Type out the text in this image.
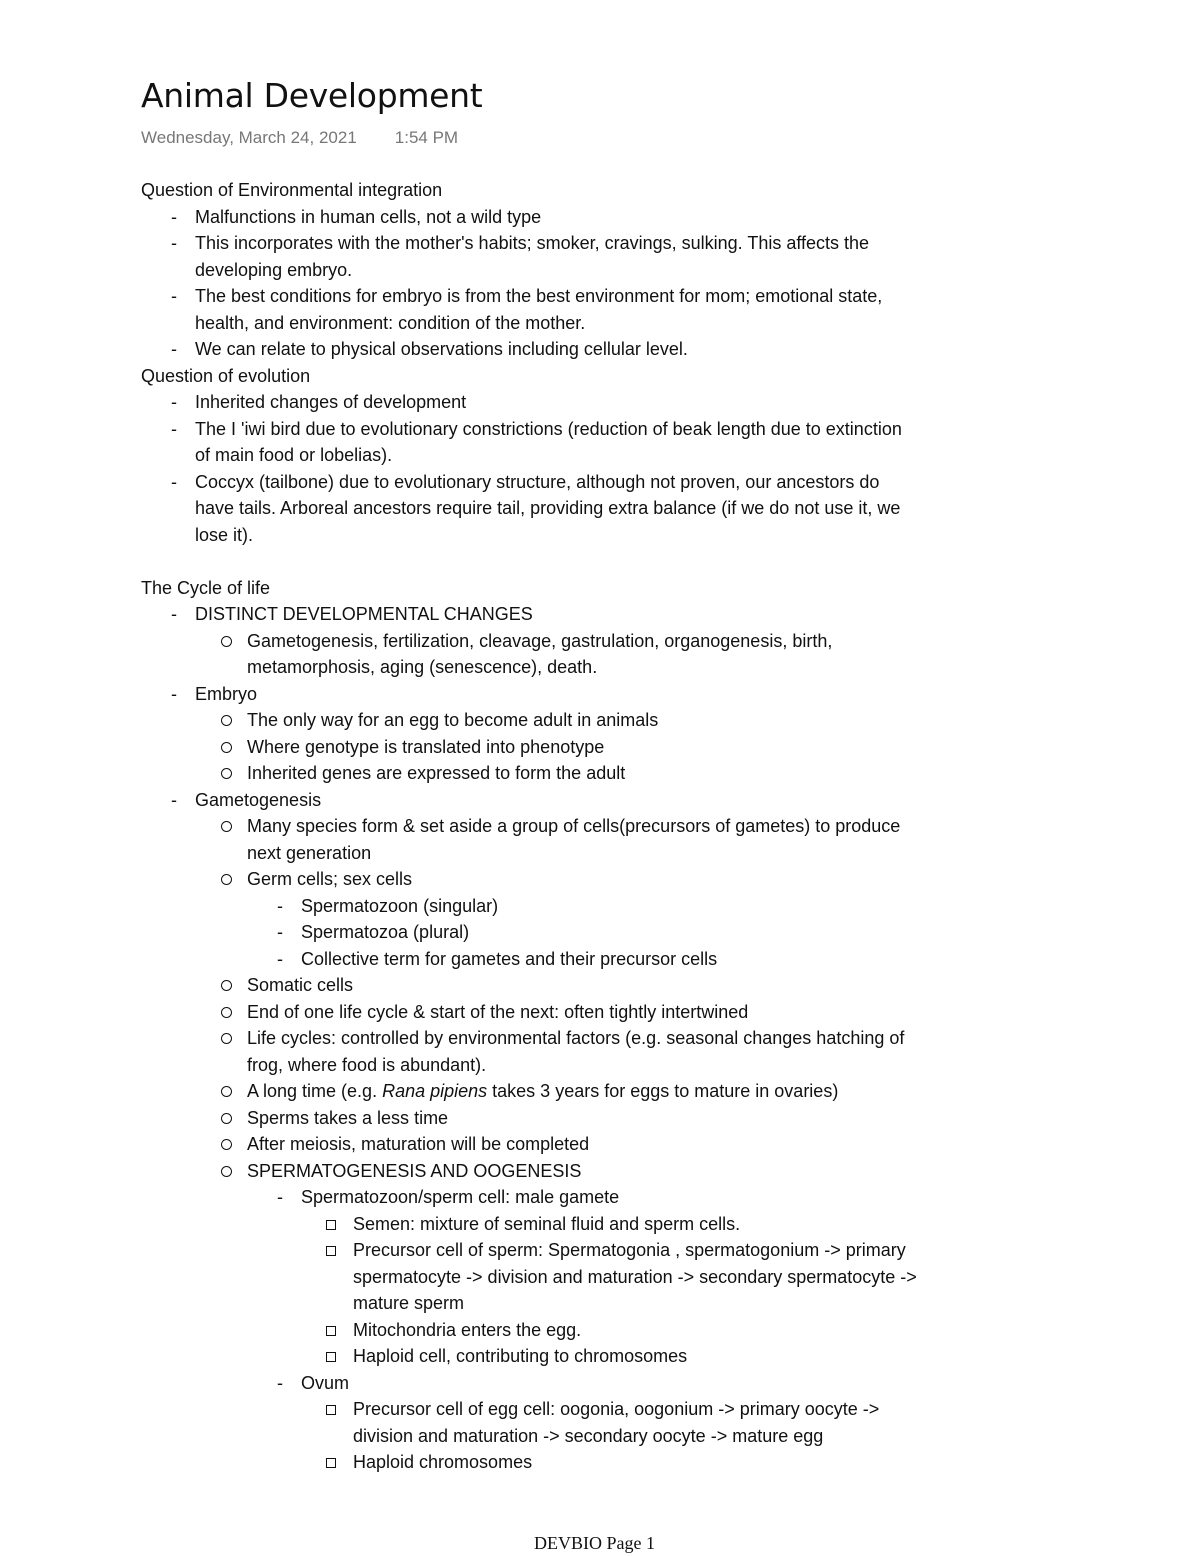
Animal Development
Wednesday, March 24, 2021 1:54 PM
Question of Environmental integration
- Malfunctions in human cells, not a wild type
- This incorporates with the mother's habits; smoker, cravings, sulking. This affects the
developing embryo.
- The best conditions for embryo is from the best environment for mom; emotional state,
health, and environment: condition of the mother.
- We can relate to physical observations including cellular level.
Question of evolution
- Inherited changes of development
- The I 'iwi bird due to evolutionary constrictions (reduction of beak length due to extinction
of main food or lobelias).
- Coccyx (tailbone) due to evolutionary structure, although not proven, our ancestors do
have tails. Arboreal ancestors require tail, providing extra balance (if we do not use it, we
lose it).
The Cycle of life
- DISTINCT DEVELOPMENTAL CHANGES
Gametogenesis, fertilization, cleavage, gastrulation, organogenesis, birth,
metamorphosis, aging (senescence), death.
- Embryo
The only way for an egg to become adult in animals
Where genotype is translated into phenotype
Inherited genes are expressed to form the adult
- Gametogenesis
Many species form & set aside a group of cells(precursors of gametes) to produce
next generation
Germ cells; sex cells
- Spermatozoon (singular)
- Spermatozoa (plural)
- Collective term for gametes and their precursor cells
Somatic cells
End of one life cycle & start of the next: often tightly intertwined
Life cycles: controlled by environmental factors (e.g. seasonal changes hatching of
frog, where food is abundant).
A long time (e.g. Rana pipiens takes 3 years for eggs to mature in ovaries)
Sperms takes a less time
After meiosis, maturation will be completed
SPERMATOGENESIS AND OOGENESIS
- Spermatozoon/sperm cell: male gamete
Semen: mixture of seminal fluid and sperm cells.
Precursor cell of sperm: Spermatogonia , spermatogonium -> primary
spermatocyte -> division and maturation -> secondary spermatocyte ->
mature sperm
Mitochondria enters the egg.
Haploid cell, contributing to chromosomes
- Ovum
Precursor cell of egg cell: oogonia, oogonium -> primary oocyte ->
division and maturation -> secondary oocyte -> mature egg
Haploid chromosomes
DEVBIO Page 1
